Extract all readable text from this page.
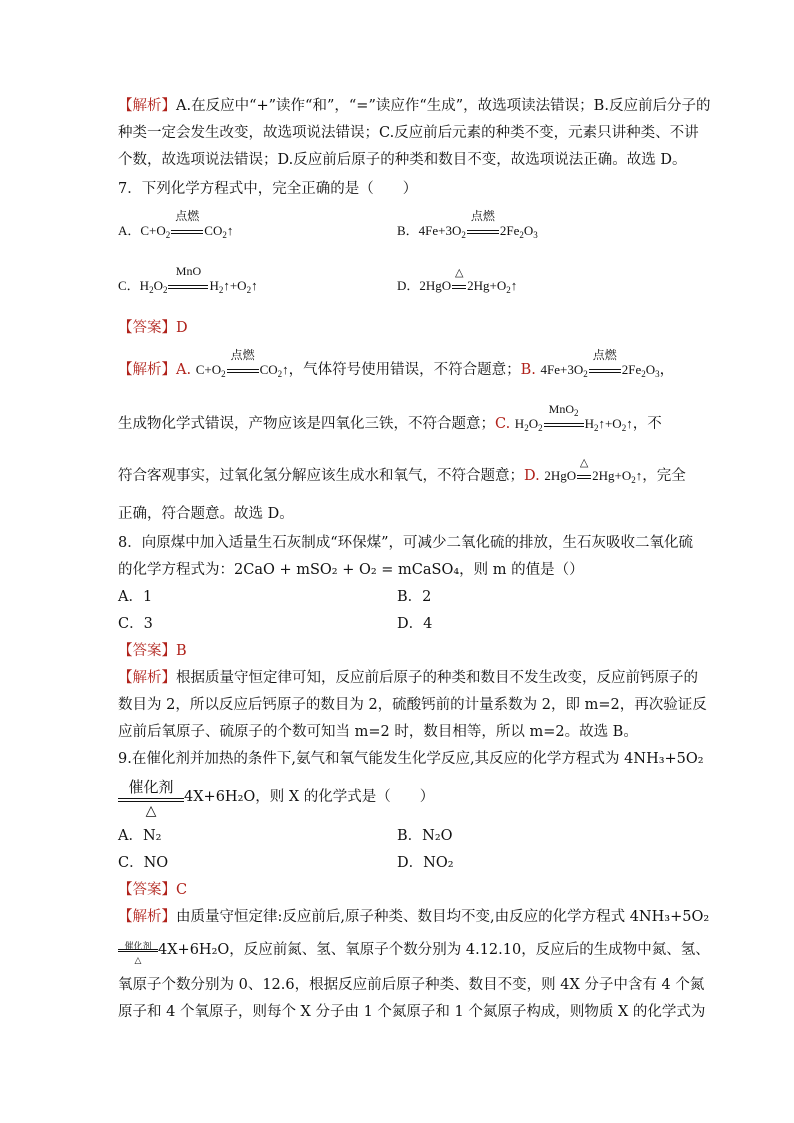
【解析】A.在反应中“+”读作“和”，“=”读应作“生成”，故选项读法错误；B.反应前后分子的
种类一定会发生改变，故选项说法错误；C.反应前后元素的种类不变，元素只讲种类、不讲
个数，故选项说法错误；D.反应前后原子的种类和数目不变，故选项说法正确。故选 D。
7．下列化学方程式中，完全正确的是（　　）
A．$C+O_2$
点燃
$CO_2↑$	B．$4Fe+3O_2$
点燃
$2Fe_2O_3$
C．$H_2O_2$
MnO
$H_2↑+O_2↑$	D．2HgO
△
$2Hg+O_2↑$
【答案】D
【解析】A. $C+O_2$
点燃
$CO_2↑$，气体符号使用错误，不符合题意；B. $4Fe+3O_2$
点燃
$2Fe_2O_3$，
生成物化学式错误，产物应该是四氧化三铁，不符合题意；C. $H_2O_2$
MnO$_2$
$H_2↑+O_2↑$，不
符合客观事实，过氧化氢分解应该生成水和氧气，不符合题意；D. 2HgO
△
$2Hg+O_2↑$，完全
正确，符合题意。故选 D。
8．向原煤中加入适量生石灰制成“环保煤”，可减少二氧化硫的排放，生石灰吸收二氧化硫
的化学方程式为：2CaO + mSO₂ + O₂ = mCaSO₄，则 m 的值是（）
A．1	B．2
C．3	D．4
【答案】B
【解析】根据质量守恒定律可知，反应前后原子的种类和数目不发生改变，反应前钙原子的
数目为 2，所以反应后钙原子的数目为 2，硫酸钙前的计量系数为 2，即 m=2，再次验证反
应前后氧原子、硫原子的个数可知当 m=2 时，数目相等，所以 m=2。故选 B。
9.在催化剂并加热的条件下,氨气和氧气能发生化学反应,其反应的化学方程式为 4NH₃+5O₂
催化剂
△
4X+6H₂O，则 X 的化学式是（　　）
A．N₂	B．N₂O
C．NO	D．NO₂
【答案】C
【解析】由质量守恒定律:反应前后,原子种类、数目均不变,由反应的化学方程式 4NH₃+5O₂
催化剂
△
4X+6H₂O，反应前氮、氢、氧原子个数分别为 4.12.10，反应后的生成物中氮、氢、
氧原子个数分别为 0、12.6，根据反应前后原子种类、数目不变，则 4X 分子中含有 4 个氮
原子和 4 个氧原子，则每个 X 分子由 1 个氮原子和 1 个氮原子构成，则物质 X 的化学式为
